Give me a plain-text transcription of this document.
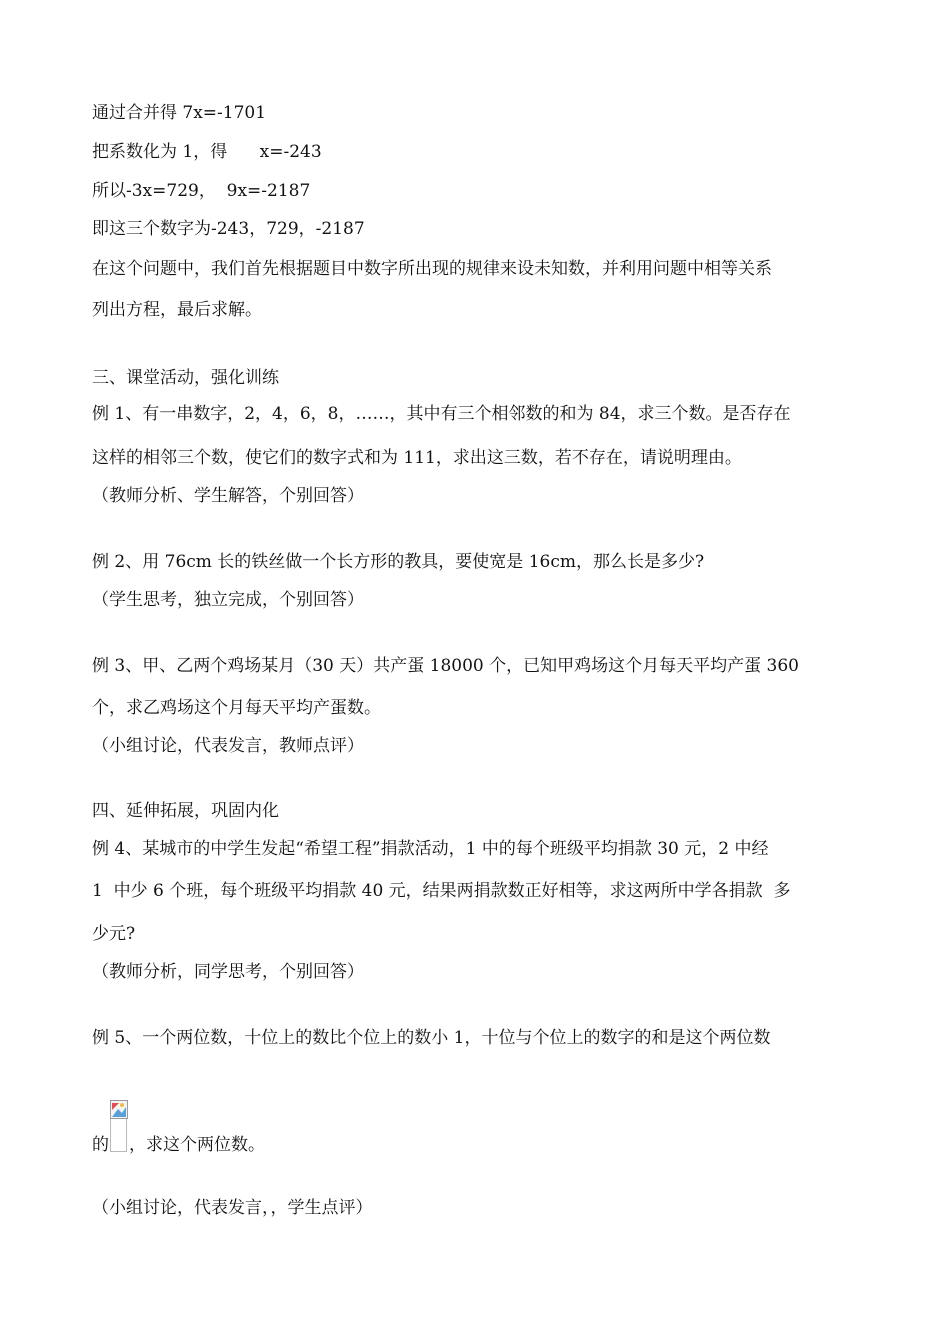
通过合并得 7x=-1701
把系数化为 1，得      x=-243
所以-3x=729，  9x=-2187
即这三个数字为-243，729，-2187
在这个问题中，我们首先根据题目中数字所出现的规律来设未知数，并利用问题中相等关系
列出方程，最后求解。
三、课堂活动，强化训练
例 1、有一串数字，2，4，6，8，……，其中有三个相邻数的和为 84，求三个数。是否存在
这样的相邻三个数，使它们的数字式和为 111，求出这三数，若不存在，请说明理由。
（教师分析、学生解答，个别回答）
例 2、用 76cm 长的铁丝做一个长方形的教具，要使宽是 16cm，那么长是多少?
（学生思考，独立完成，个别回答）
例 3、甲、乙两个鸡场某月（30 天）共产蛋 18000 个，已知甲鸡场这个月每天平均产蛋 360
个，求乙鸡场这个月每天平均产蛋数。
（小组讨论，代表发言，教师点评）
四、延伸拓展，巩固内化
例 4、某城市的中学生发起“希望工程”捐款活动，1 中的每个班级平均捐款 30 元，2 中经
1  中少 6 个班，每个班级平均捐款 40 元，结果两捐款数正好相等，求这两所中学各捐款  多
少元?
（教师分析，同学思考，个别回答）
例 5、一个两位数，十位上的数比个位上的数小 1，十位与个位上的数字的和是这个两位数
的 ，求这个两位数。
（小组讨论，代表发言，，学生点评）
